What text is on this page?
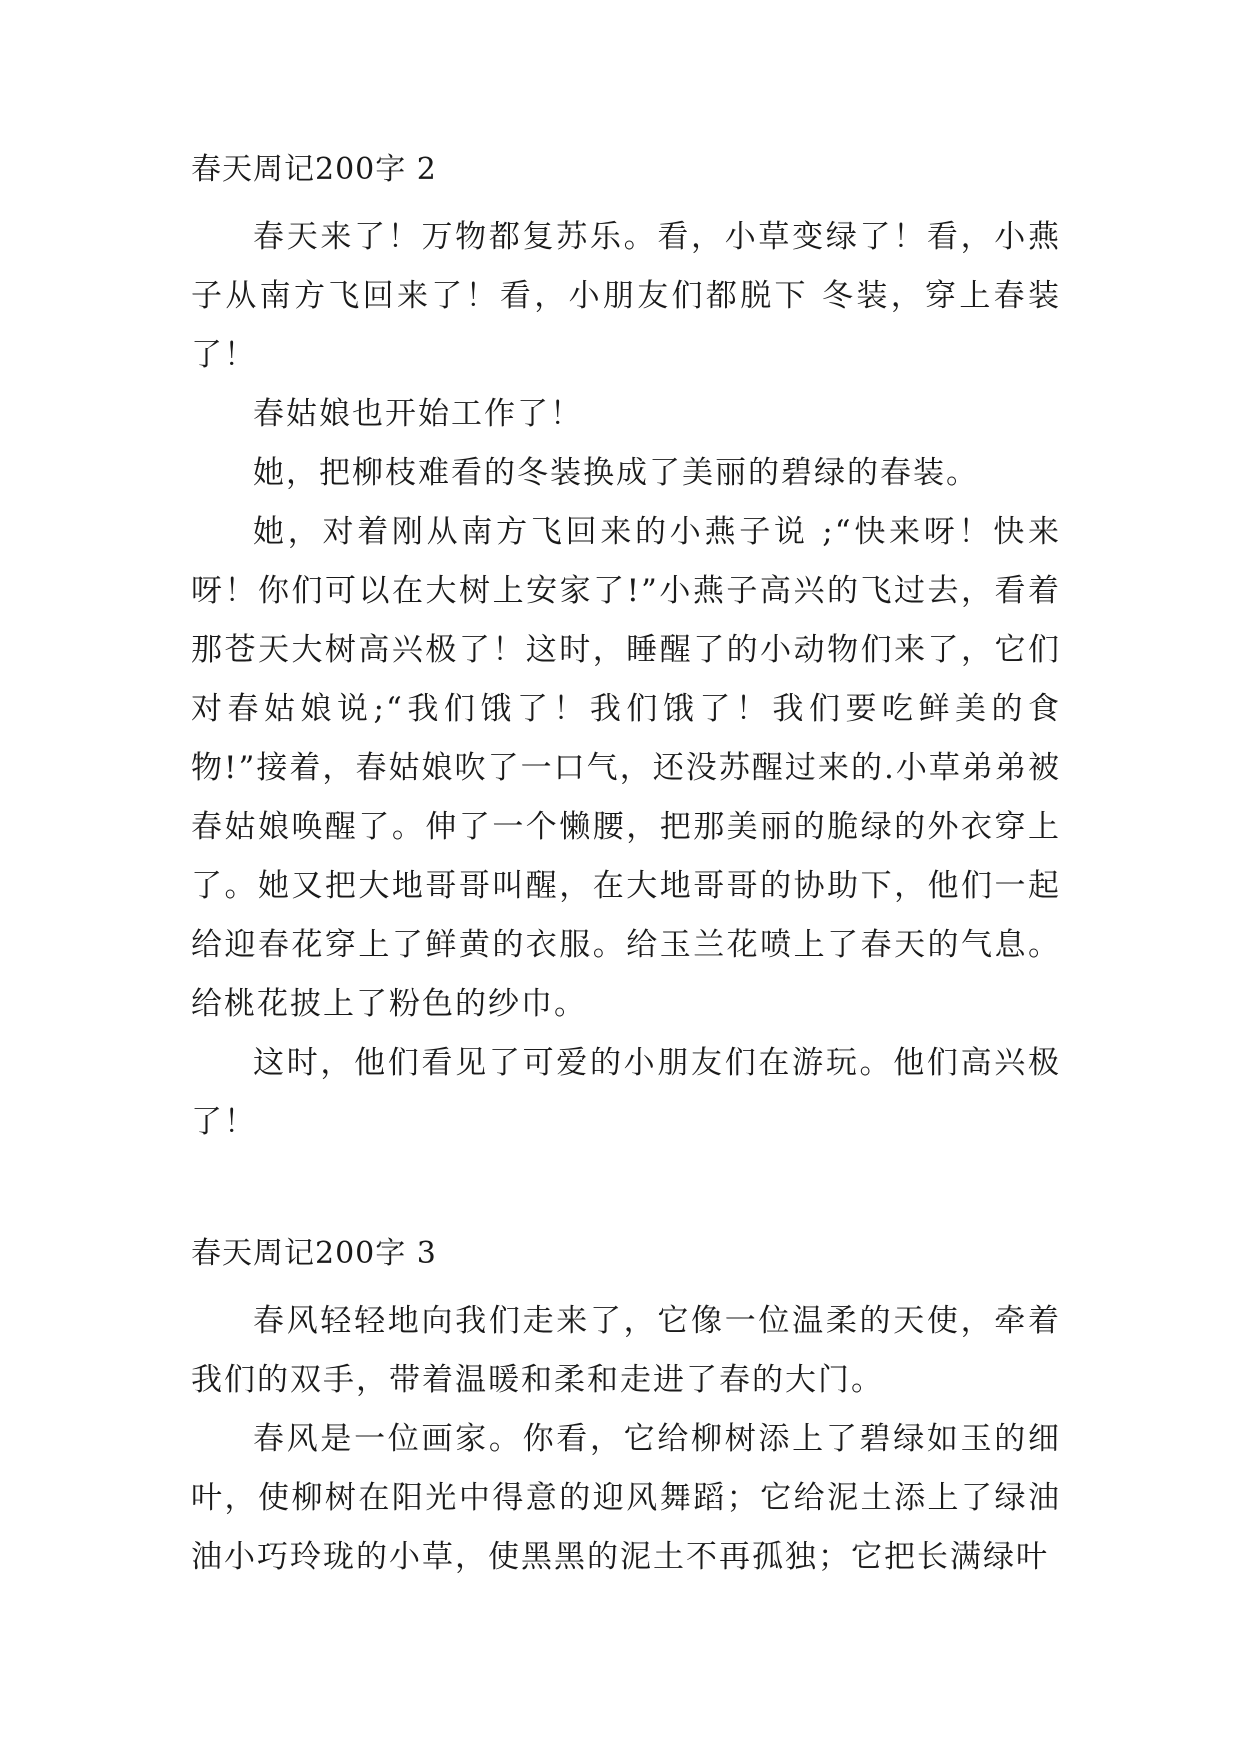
春天周记200字 2

春天来了！万物都复苏乐。看，小草变绿了！看，小燕子从南方飞回来了！看，小朋友们都脱下 冬装，穿上春装了！

春姑娘也开始工作了！

她，把柳枝难看的冬装换成了美丽的碧绿的春装。

她，对着刚从南方飞回来的小燕子说 ;“快来呀！快来呀！你们可以在大树上安家了!”小燕子高兴的飞过去，看着那苍天大树高兴极了！这时，睡醒了的小动物们来了，它们对春姑娘说;“我们饿了！我们饿了！我们要吃鲜美的食物!”接着，春姑娘吹了一口气，还没苏醒过来的.小草弟弟被春姑娘唤醒了。伸了一个懒腰，把那美丽的脆绿的外衣穿上了。她又把大地哥哥叫醒，在大地哥哥的协助下，他们一起给迎春花穿上了鲜黄的衣服。给玉兰花喷上了春天的气息。给桃花披上了粉色的纱巾。

这时，他们看见了可爱的小朋友们在游玩。他们高兴极了！

春天周记200字 3

春风轻轻地向我们走来了，它像一位温柔的天使，牵着我们的双手，带着温暖和柔和走进了春的大门。

春风是一位画家。你看，它给柳树添上了碧绿如玉的细叶，使柳树在阳光中得意的迎风舞蹈；它给泥土添上了绿油油小巧玲珑的小草，使黑黑的泥土不再孤独；它把长满绿叶
